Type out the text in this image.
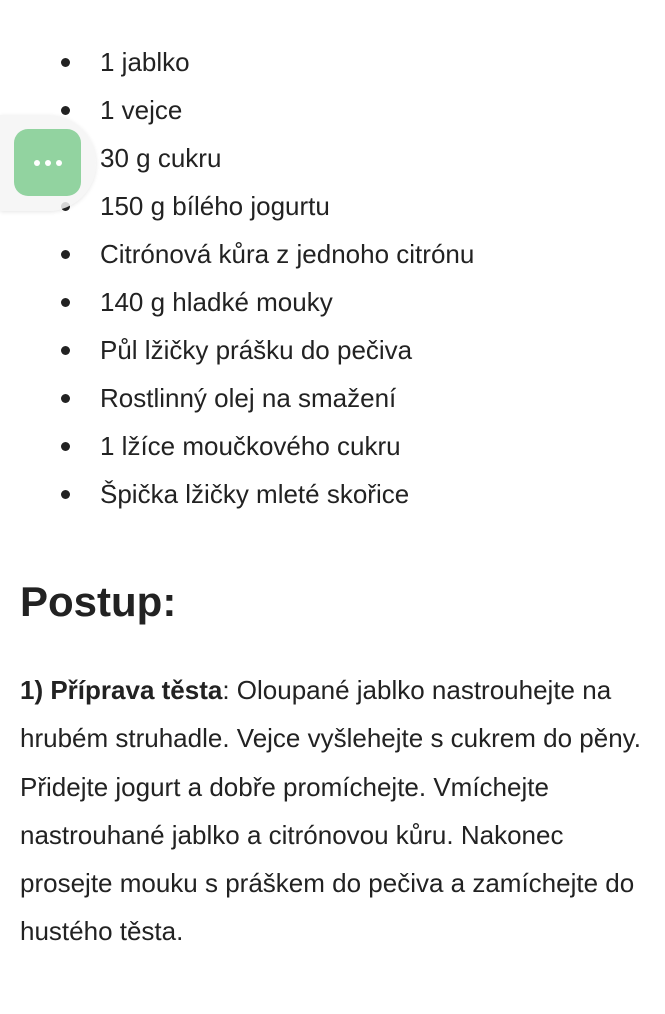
1 jablko
1 vejce
30 g cukru
150 g bílého jogurtu
Citrónová kůra z jednoho citrónu
140 g hladké mouky
Půl lžičky prášku do pečiva
Rostlinný olej na smažení
1 lžíce moučkového cukru
Špička lžičky mleté skořice
Postup:

1) Příprava těsta: Oloupané jablko nastrouhejte na
hrubém struhadle. Vejce vyšlehejte s cukrem do pěny.
Přidejte jogurt a dobře promíchejte. Vmíchejte
nastrouhané jablko a citrónovou kůru. Nakonec
prosejte mouku s práškem do pečiva a zamíchejte do
hustého těsta.
